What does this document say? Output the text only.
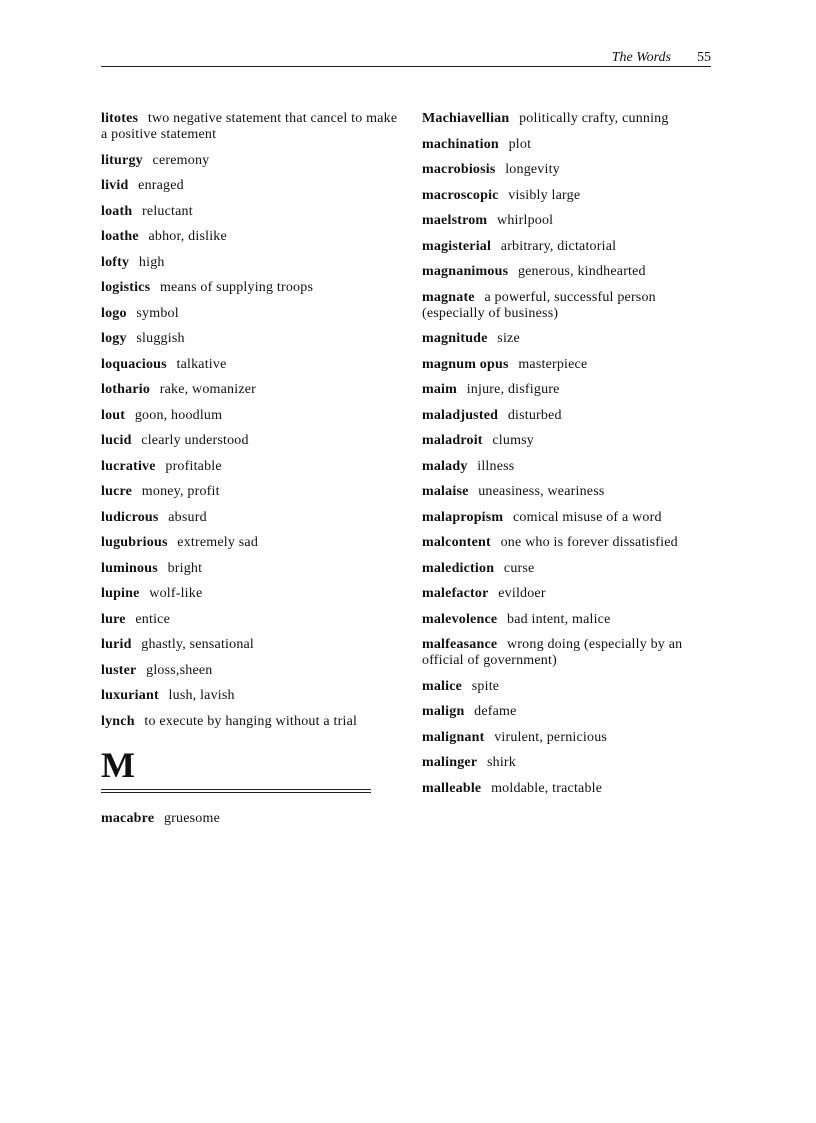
The Words 55

litotes two negative statement that cancel to make a positive statement

liturgy ceremony

livid enraged

loath reluctant

loathe abhor, dislike

lofty high

logistics means of supplying troops

logo symbol

logy sluggish

loquacious talkative

lothario rake, womanizer

lout goon, hoodlum

lucid clearly understood

lucrative profitable

lucre money, profit

ludicrous absurd

lugubrious extremely sad

luminous bright

lupine wolf-like

lure entice

lurid ghastly, sensational

luster gloss,sheen

luxuriant lush, lavish

lynch to execute by hanging without a trial

M

macabre gruesome

Machiavellian politically crafty, cunning

machination plot

macrobiosis longevity

macroscopic visibly large

maelstrom whirlpool

magisterial arbitrary, dictatorial

magnanimous generous, kindhearted

magnate a powerful, successful person (especially of business)

magnitude size

magnum opus masterpiece

maim injure, disfigure

maladjusted disturbed

maladroit clumsy

malady illness

malaise uneasiness, weariness

malapropism comical misuse of a word

malcontent one who is forever dissatisfied

malediction curse

malefactor evildoer

malevolence bad intent, malice

malfeasance wrong doing (especially by an official of government)

malice spite

malign defame

malignant virulent, pernicious

malinger shirk

malleable moldable, tractable
